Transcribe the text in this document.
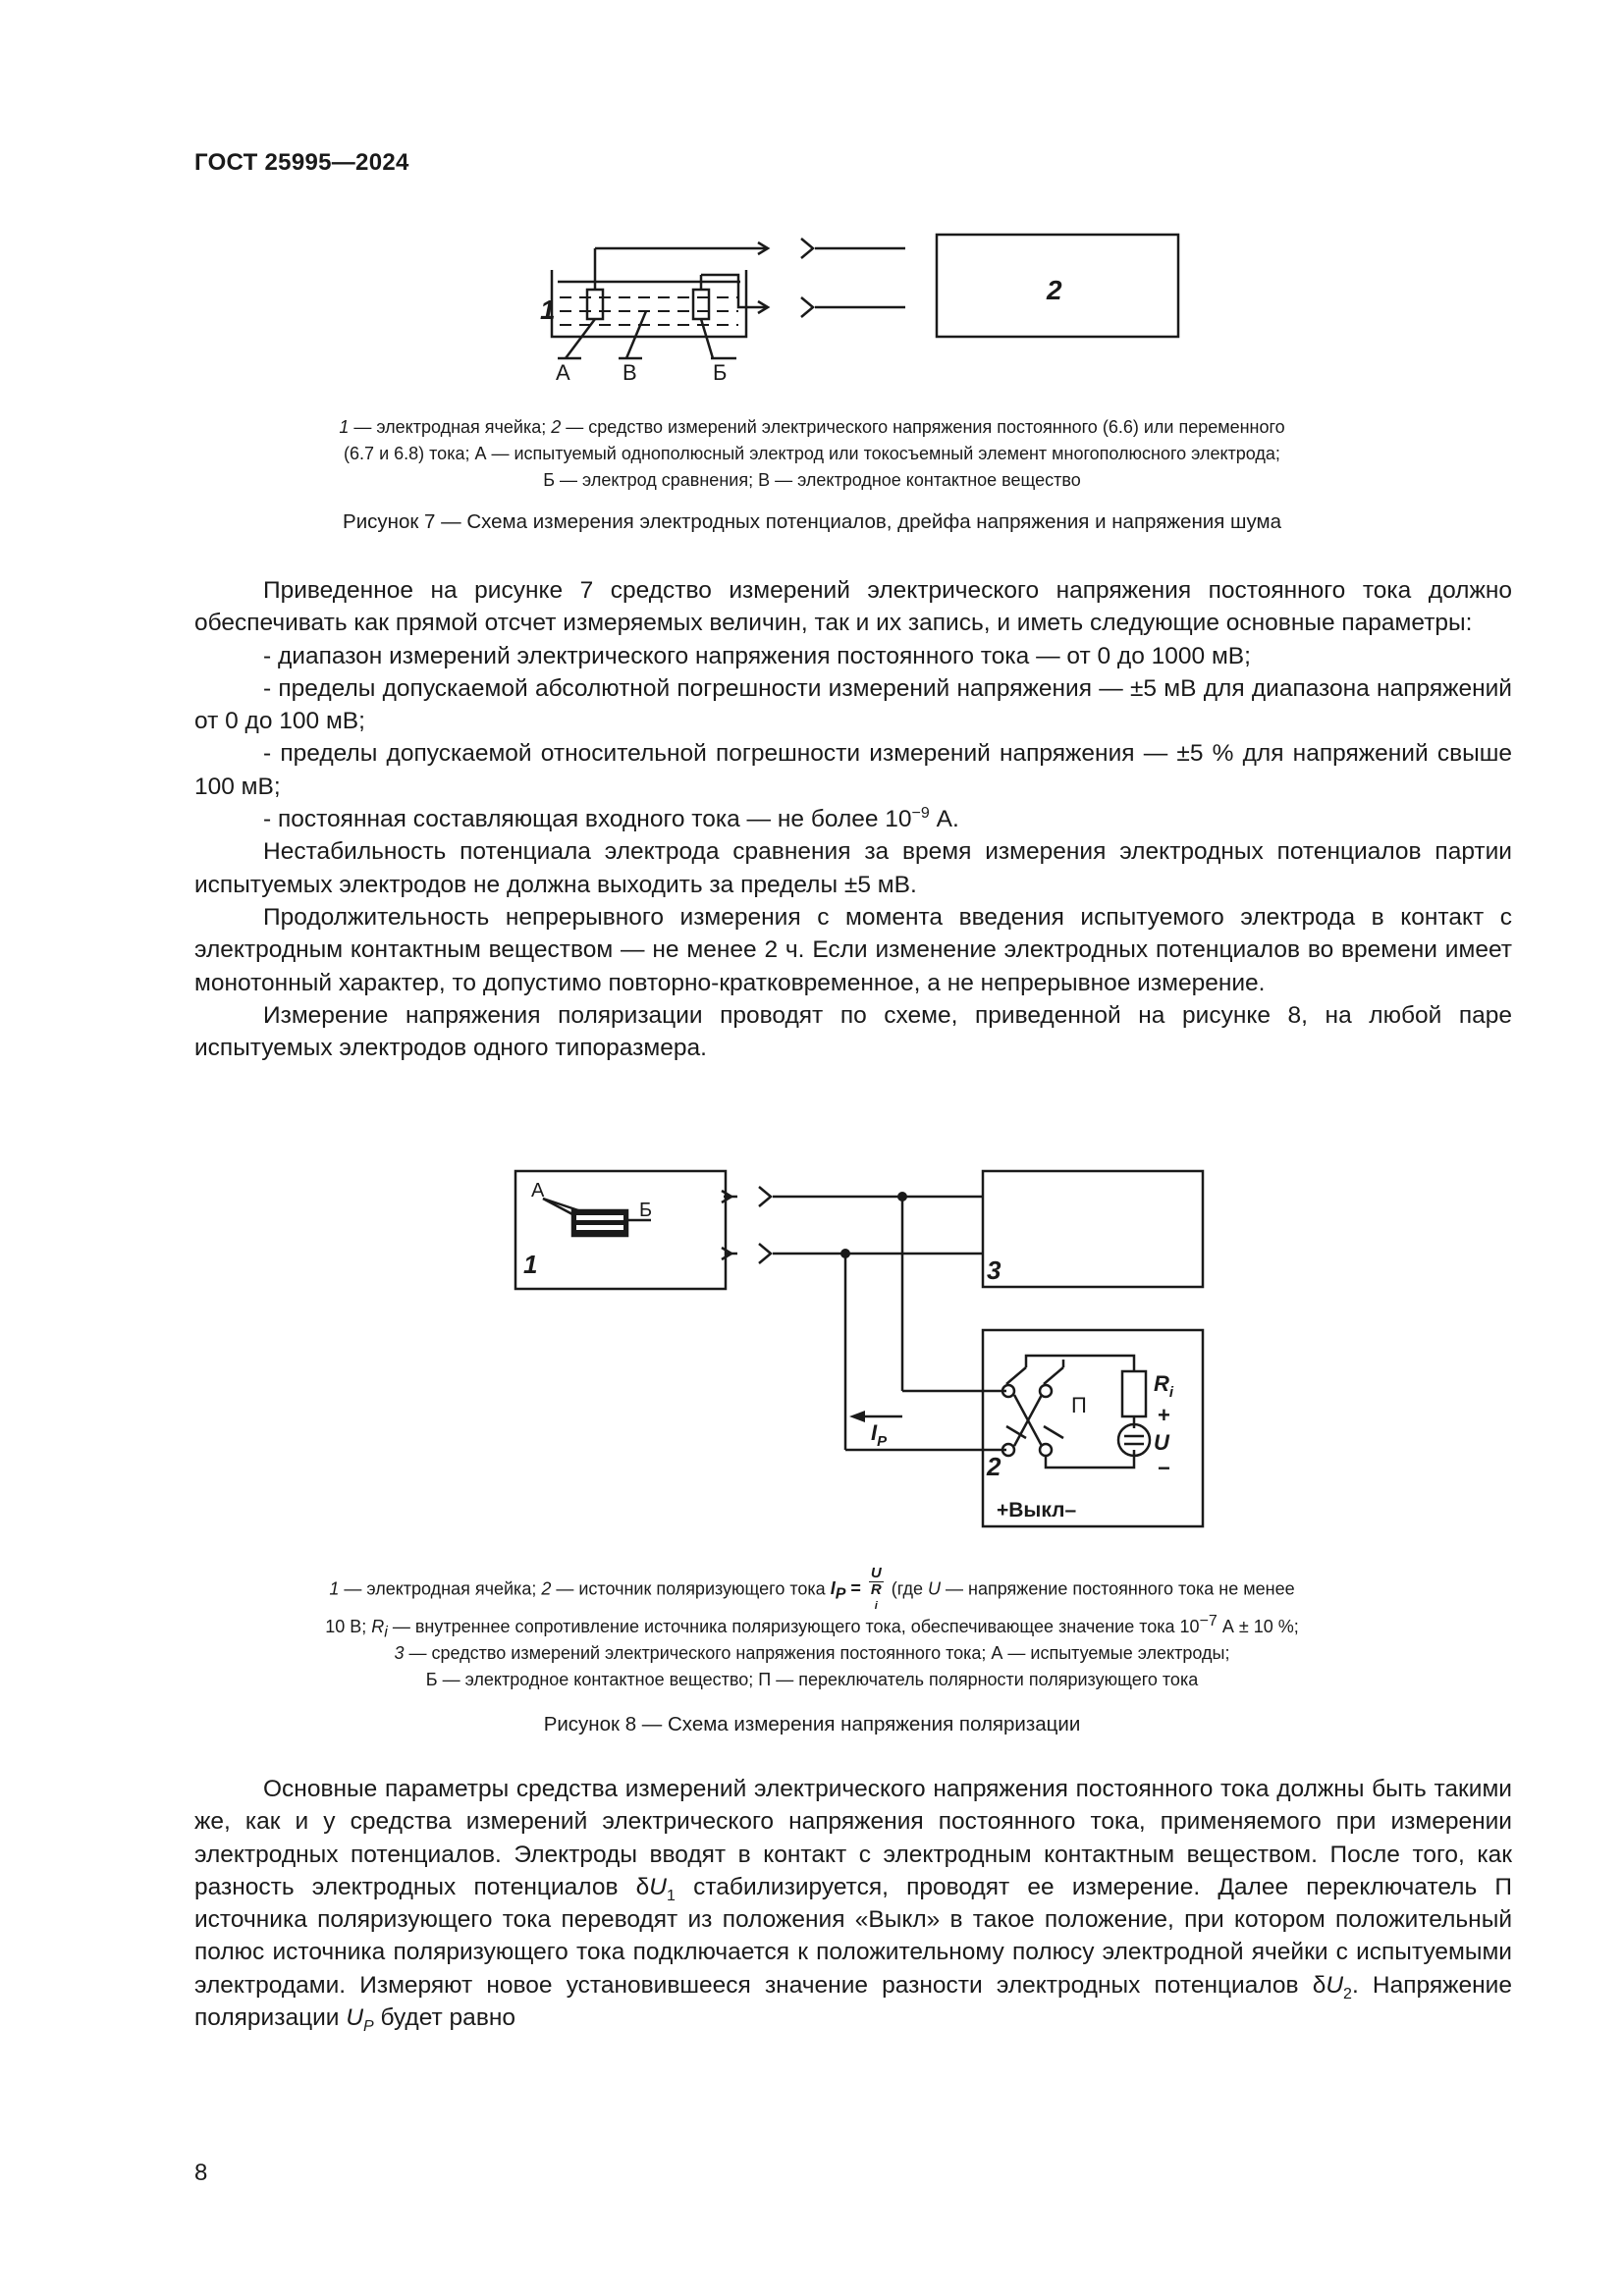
ГОСТ 25995—2024
1
2
А В	Б
1 — электродная ячейка; 2 — средство измерений электрического напряжения постоянного (6.6) или переменного
(6.7 и 6.8) тока; А — испытуемый однополюсный электрод или токосъемный элемент многополюсного электрода;
Б — электрод сравнения; В — электродное контактное вещество
Рисунок 7 — Схема измерения электродных потенциалов, дрейфа напряжения и напряжения шума

Приведенное на рисунке 7 средство измерений электрического напряжения постоянного тока должно обеспечивать как прямой отсчет измеряемых величин, так и их запись, и иметь следующие основные параметры:

- диапазон измерений электрического напряжения постоянного тока — от 0 до 1000 мВ;

- пределы допускаемой абсолютной погрешности измерений напряжения — ±5 мВ для диапазона напряжений от 0 до 100 мВ;

- пределы допускаемой относительной погрешности измерений напряжения — ±5 % для напряжений свыше 100 мВ;

- постоянная составляющая входного тока — не более $10^{-9}$ А.

Нестабильность потенциала электрода сравнения за время измерения электродных потенциалов партии испытуемых электродов не должна выходить за пределы ±5 мВ.

Продолжительность непрерывного измерения с момента введения испытуемого электрода в контакт с электродным контактным веществом — не менее 2 ч. Если изменение электродных потенциалов во времени имеет монотонный характер, то допустимо повторно-кратковременное, а не непрерывное измерение.

Измерение напряжения поляризации проводят по схеме, приведенной на рисунке 8, на любой паре испытуемых электродов одного типоразмера.

А
Б
П	+
−
+Выкл–
1	3
2
$R_i$
U
$I_P$
1 — электродная ячейка; 2 — источник поляризующего тока IP = U
R
i (где U — напряжение постоянного тока не менее
10 В; Ri — внутреннее сопротивление источника поляризующего тока, обеспечивающее значение тока 10−7 А ± 10 %;
3 — средство измерений электрического напряжения постоянного тока; А — испытуемые электроды;
Б — электродное контактное вещество; П — переключатель полярности поляризующего тока
Рисунок 8 — Схема измерения напряжения поляризации

Основные параметры средства измерений электрического напряжения постоянного тока должны быть такими же, как и у средства измерений электрического напряжения постоянного тока, применяемого при измерении электродных потенциалов. Электроды вводят в контакт с электродным контактным веществом. После того, как разность электродных потенциалов $\delta U_1$ стабилизируется, проводят ее измерение. Далее переключатель П источника поляризующего тока переводят из положения «Выкл» в такое положение, при котором положительный полюс источника поляризующего тока подключается к положительному полюсу электродной ячейки с испытуемыми электродами. Измеряют новое установившееся значение разности электродных потенциалов $\delta U_2$. Напряжение поляризации $U_P$ будет равно

8
